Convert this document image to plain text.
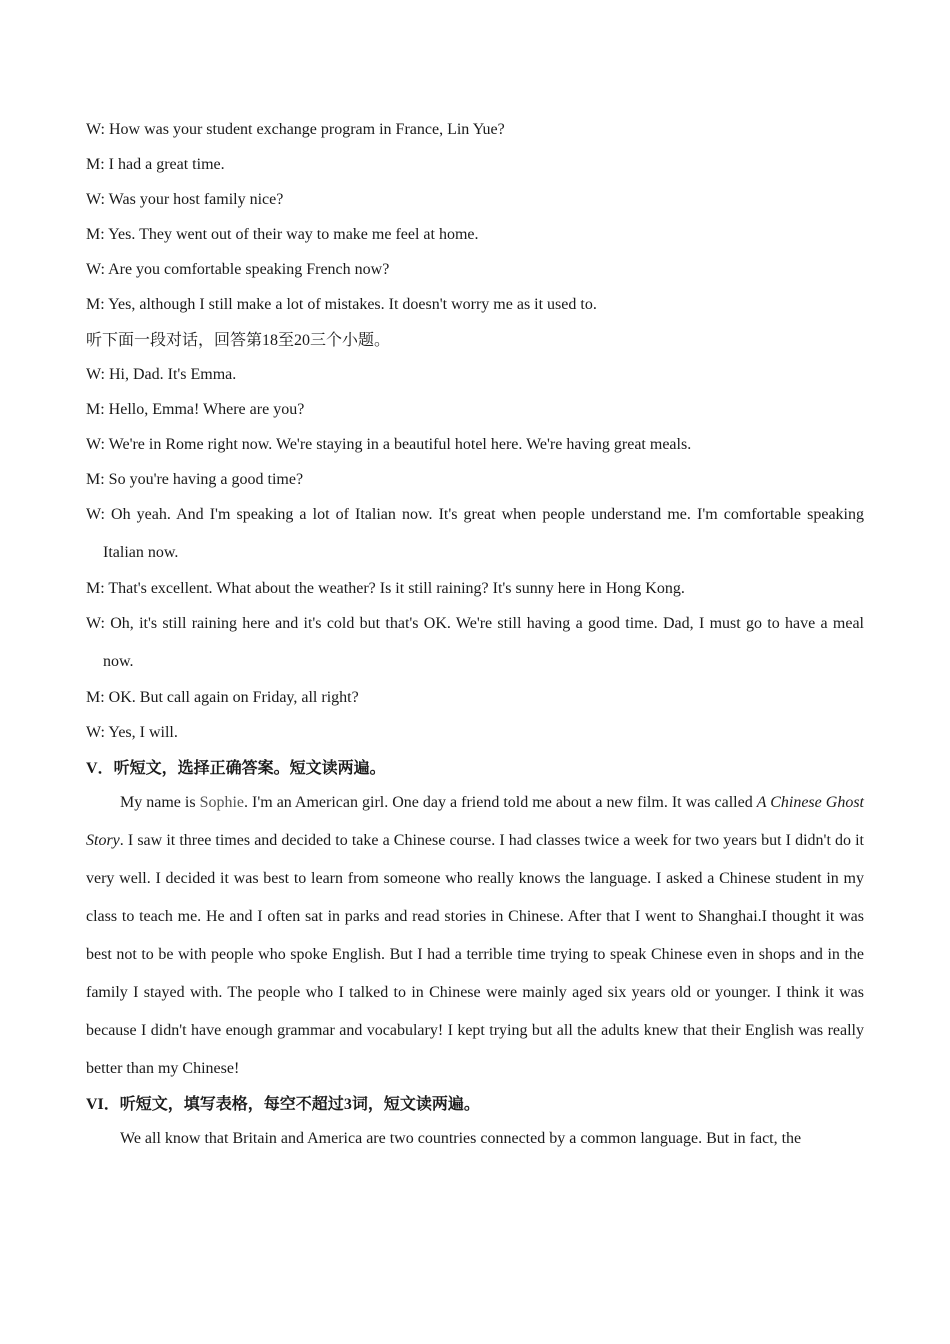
W: How was your student exchange program in France, Lin Yue?
M: I had a great time.
W: Was your host family nice?
M: Yes. They went out of their way to make me feel at home.
W: Are you comfortable speaking French now?
M: Yes, although I still make a lot of mistakes. It doesn't worry me as it used to.
听下面一段对话，回答第18至20三个小题。
W: Hi, Dad. It's Emma.
M: Hello, Emma! Where are you?
W: We're in Rome right now. We're staying in a beautiful hotel here. We're having great meals.
M: So you're having a good time?

W: Oh yeah. And I'm speaking a lot of Italian now. It's great when people understand me. I'm comfortable speaking Italian now.

M: That's excellent. What about the weather? Is it still raining? It's sunny here in Hong Kong.

W: Oh, it's still raining here and it's cold but that's OK. We're still having a good time. Dad, I must go to have a meal now.

M: OK. But call again on Friday, all right?
W: Yes, I will.
V．听短文，选择正确答案。短文读两遍。

My name is Sophie. I'm an American girl. One day a friend told me about a new film. It was called A Chinese Ghost Story. I saw it three times and decided to take a Chinese course. I had classes twice a week for two years but I didn't do it very well. I decided it was best to learn from someone who really knows the language. I asked a Chinese student in my class to teach me. He and I often sat in parks and read stories in Chinese. After that I went to Shanghai.I thought it was best not to be with people who spoke English. But I had a terrible time trying to speak Chinese even in shops and in the family I stayed with. The people who I talked to in Chinese were mainly aged six years old or younger. I think it was because I didn't have enough grammar and vocabulary! I kept trying but all the adults knew that their English was really better than my Chinese!

VI．听短文，填写表格，每空不超过3词，短文读两遍。

We all know that Britain and America are two countries connected by a common language. But in fact, the
